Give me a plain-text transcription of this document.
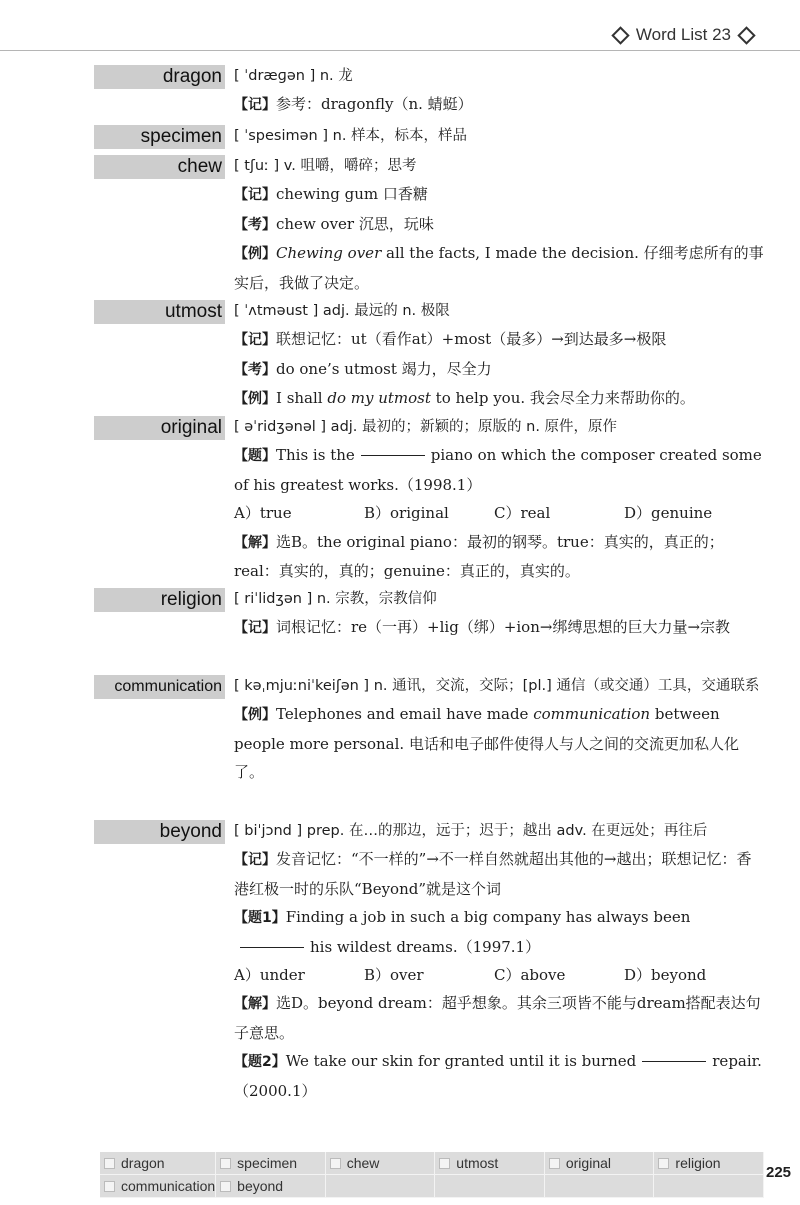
Word List 23
dragon [ ˈdræɡən ] n. 龙

【记】参考：dragonfly（n. 蜻蜓）

specimen [ ˈspesimən ] n. 样本，标本，样品

chew [ tʃuː ] v. 咀嚼，嚼碎；思考

【记】chewing gum 口香糖

【考】chew over 沉思，玩味

【例】Chewing over all the facts, I made the decision. 仔细考虑所有的事实后，我做了决定。

utmost [ ˈʌtməust ] adj. 最远的 n. 极限

【记】联想记忆：ut（看作at）+most（最多）→到达最多→极限

【考】do one’s utmost 竭力，尽全力

【例】I shall do my utmost to help you. 我会尽全力来帮助你的。

original [ əˈridʒənəl ] adj. 最初的；新颖的；原版的 n. 原件，原作

【题】This is the	piano on which the composer created some of his greatest works.（1998.1）

A）true	B）original	C）real	D）genuine

【解】选B。the original piano：最初的钢琴。true：真实的，真正的；real：真实的，真的；genuine：真正的，真实的。

religion [ riˈlidʒən ] n. 宗教，宗教信仰

【记】词根记忆：re（一再）+lig（绑）+ion→绑缚思想的巨大力量→宗教

communication [ kəˌmjuːniˈkeiʃən ] n. 通讯，交流，交际；[pl.] 通信（或交通）工具，交通联系

【例】Telephones and email have made communication between people more personal. 电话和电子邮件使得人与人之间的交流更加私人化了。

beyond [ biˈjɔnd ] prep. 在…的那边，远于；迟于；越出 adv. 在更远处；再往后

【记】发音记忆：“不一样的”→不一样自然就超出其他的→越出；联想记忆：香港红极一时的乐队“Beyond”就是这个词

【题1】Finding a job in such a big company has always beenhis wildest dreams.（1997.1）

A）under	B）over	C）above	D）beyond

【解】选D。beyond dream：超乎想象。其余三项皆不能与dream搭配表达句子意思。

【题2】We take our skin for granted until it is burned	repair.（2000.1）

dragon	specimen	chew	utmost	original	religion
communication beyond
225
